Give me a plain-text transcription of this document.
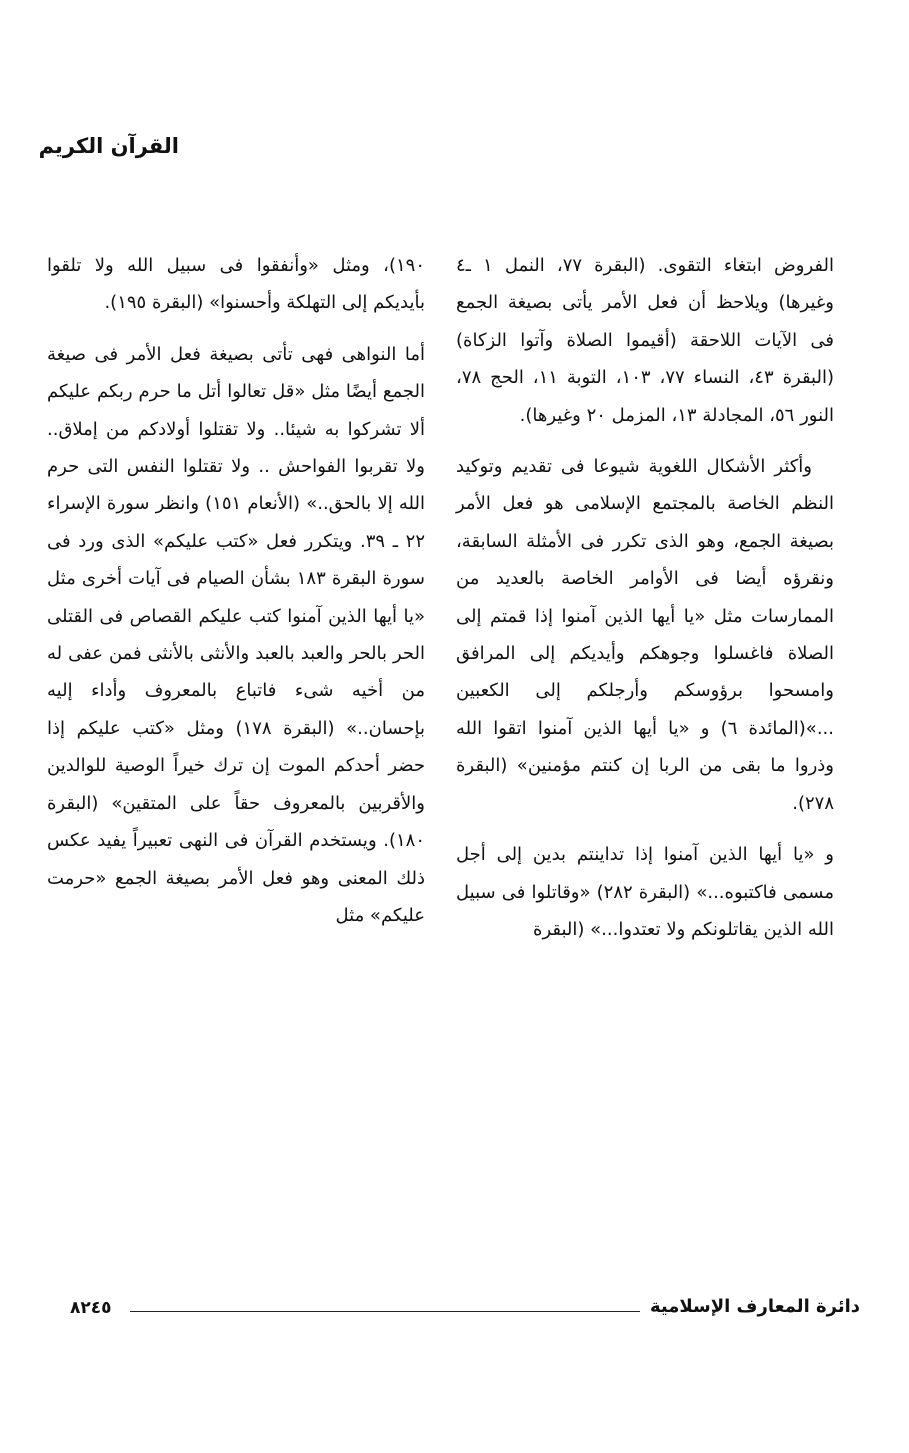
القرآن الكريم

الفروض ابتغاء التقوى. (البقرة ٧٧، النمل ١ ـ٤ وغيرها) ويلاحظ أن فعل الأمر يأتى بصيغة الجمع فى الآيات اللاحقة (أقيموا الصلاة وآتوا الزكاة) (البقرة ٤٣، النساء ٧٧، ١٠٣، التوبة ١١، الحج ٧٨، النور ٥٦، المجادلة ١٣، المزمل ٢٠ وغيرها).

وأكثر الأشكال اللغوية شيوعا فى تقديم وتوكيد النظم الخاصة بالمجتمع الإسلامى هو فعل الأمر بصيغة الجمع، وهو الذى تكرر فى الأمثلة السابقة، ونقرؤه أيضا فى الأوامر الخاصة بالعديد من الممارسات مثل «يا أيها الذين آمنوا إذا قمتم إلى الصلاة فاغسلوا وجوهكم وأيديكم إلى المرافق وامسحوا برؤوسكم وأرجلكم إلى الكعبين ...»(المائدة ٦) و «يا أيها الذين آمنوا اتقوا الله وذروا ما بقى من الربا إن كنتم مؤمنين» (البقرة ٢٧٨).

و «يا أيها الذين آمنوا إذا تداينتم بدين إلى أجل مسمى فاكتبوه...» (البقرة ٢٨٢) «وقاتلوا فى سبيل الله الذين يقاتلونكم ولا تعتدوا...» (البقرة

١٩٠)، ومثل «وأنفقوا فى سبيل الله ولا تلقوا بأيديكم إلى التهلكة وأحسنوا» (البقرة ١٩٥).

أما النواهى فهى تأتى بصيغة فعل الأمر فى صيغة الجمع أيضًا مثل «قل تعالوا أتل ما حرم ربكم عليكم ألا تشركوا به شيئا.. ولا تقتلوا أولادكم من إملاق.. ولا تقربوا الفواحش .. ولا تقتلوا النفس التى حرم الله إلا بالحق..» (الأنعام ١٥١) وانظر سورة الإسراء ٢٢ ـ ٣٩. ويتكرر فعل «كتب عليكم» الذى ورد فى سورة البقرة ١٨٣ بشأن الصيام فى آيات أخرى مثل «يا أيها الذين آمنوا كتب عليكم القصاص فى القتلى الحر بالحر والعبد بالعبد والأنثى بالأنثى فمن عفى له من أخيه شىء فاتباع بالمعروف وأداء إليه بإحسان..» (البقرة ١٧٨) ومثل «كتب عليكم إذا حضر أحدكم الموت إن ترك خيراً الوصية للوالدين والأقربين بالمعروف حقاً على المتقين» (البقرة ١٨٠). ويستخدم القرآن فى النهى تعبيراً يفيد عكس ذلك المعنى وهو فعل الأمر بصيغة الجمع «حرمت عليكم» مثل

٨٢٤٥	دائرة المعارف الإسلامية
